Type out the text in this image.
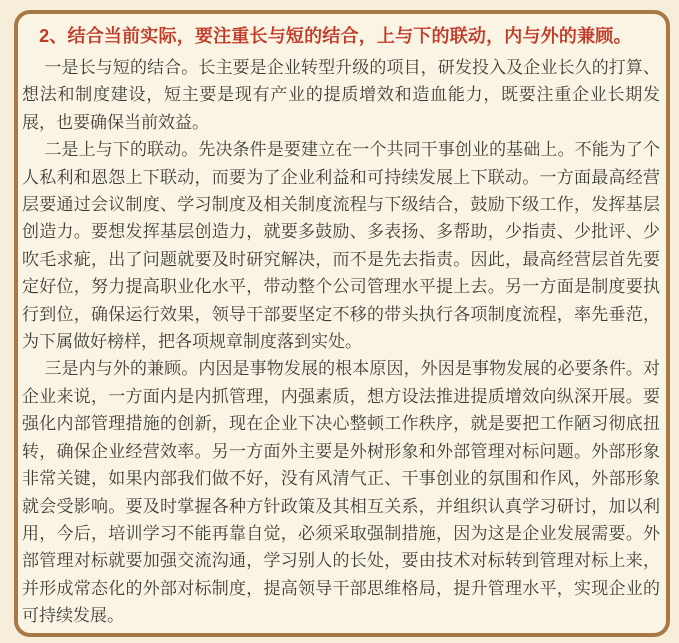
2、结合当前实际，要注重长与短的结合，上与下的联动，内与外的兼顾。

一是长与短的结合。长主要是企业转型升级的项目，研发投入及企业长久的打算、想法和制度建设，短主要是现有产业的提质增效和造血能力，既要注重企业长期发展，也要确保当前效益。

二是上与下的联动。先决条件是要建立在一个共同干事创业的基础上。不能为了个人私利和恩怨上下联动，而要为了企业利益和可持续发展上下联动。一方面最高经营层要通过会议制度、学习制度及相关制度流程与下级结合，鼓励下级工作，发挥基层创造力。要想发挥基层创造力，就要多鼓励、多表扬、多帮助，少指责、少批评、少吹毛求疵，出了问题就要及时研究解决，而不是先去指责。因此，最高经营层首先要定好位，努力提高职业化水平，带动整个公司管理水平提上去。另一方面是制度要执行到位，确保运行效果，领导干部要坚定不移的带头执行各项制度流程，率先垂范，为下属做好榜样，把各项规章制度落到实处。

三是内与外的兼顾。内因是事物发展的根本原因，外因是事物发展的必要条件。对企业来说，一方面内是内抓管理，内强素质，想方设法推进提质增效向纵深开展。要强化内部管理措施的创新，现在企业下决心整顿工作秩序，就是要把工作陋习彻底扭转，确保企业经营效率。另一方面外主要是外树形象和外部管理对标问题。外部形象非常关键，如果内部我们做不好，没有风清气正、干事创业的氛围和作风，外部形象就会受影响。要及时掌握各种方针政策及其相互关系，并组织认真学习研讨，加以利用，今后，培训学习不能再靠自觉，必须采取强制措施，因为这是企业发展需要。外部管理对标就要加强交流沟通，学习别人的长处，要由技术对标转到管理对标上来，并形成常态化的外部对标制度，提高领导干部思维格局，提升管理水平，实现企业的可持续发展。
